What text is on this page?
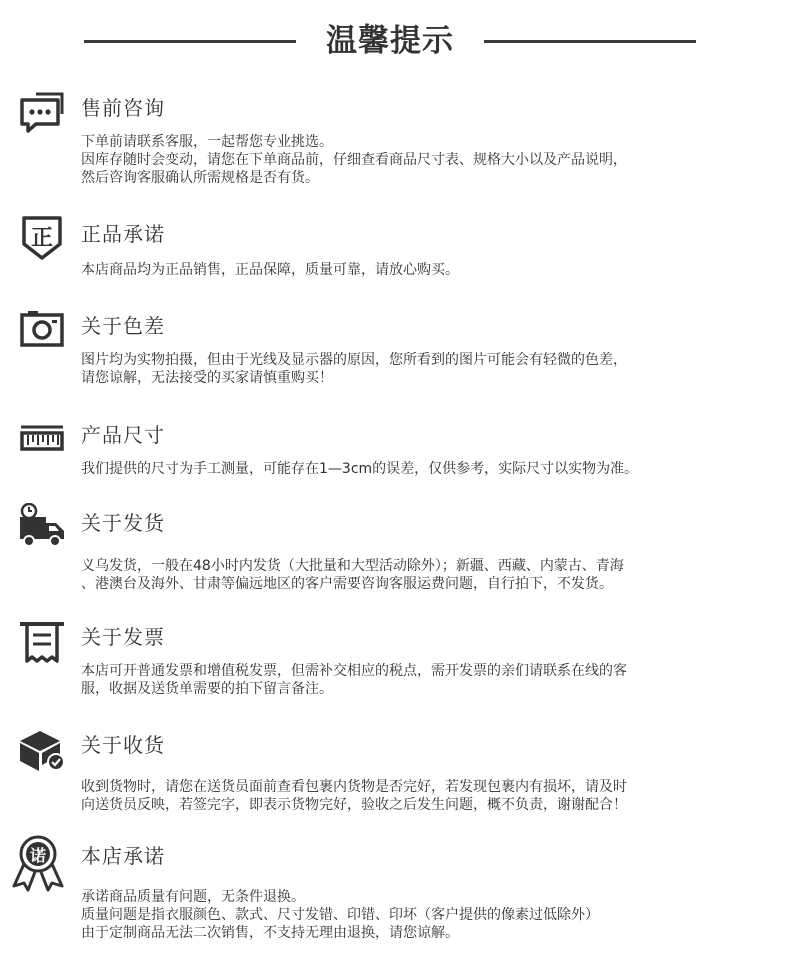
温馨提示
售前咨询

下单前请联系客服，一起帮您专业挑选。

因库存随时会变动，请您在下单商品前，仔细查看商品尺寸表、规格大小以及产品说明，

然后咨询客服确认所需规格是否有货。

正 正品承诺

本店商品均为正品销售，正品保障，质量可靠，请放心购买。

关于色差

图片均为实物拍摄，但由于光线及显示器的原因，您所看到的图片可能会有轻微的色差，

请您谅解，无法接受的买家请慎重购买！

产品尺寸

我们提供的尺寸为手工测量，可能存在1—3cm的误差，仅供参考，实际尺寸以实物为准。

关于发货

义乌发货，一般在48小时内发货（大批量和大型活动除外）；新疆、西藏、内蒙古、青海

、港澳台及海外、甘肃等偏远地区的客户需要咨询客服运费问题，自行拍下，不发货。

关于发票

本店可开普通发票和增值税发票，但需补交相应的税点，需开发票的亲们请联系在线的客

服，收据及送货单需要的拍下留言备注。

关于收货

收到货物时，请您在送货员面前查看包裹内货物是否完好，若发现包裹内有损坏，请及时

向送货员反映，若签完字，即表示货物完好，验收之后发生问题，概不负责，谢谢配合！

诺 本店承诺

承诺商品质量有问题，无条件退换。

质量问题是指衣服颜色、款式、尺寸发错、印错、印坏（客户提供的像素过低除外）

由于定制商品无法二次销售，不支持无理由退换，请您谅解。
